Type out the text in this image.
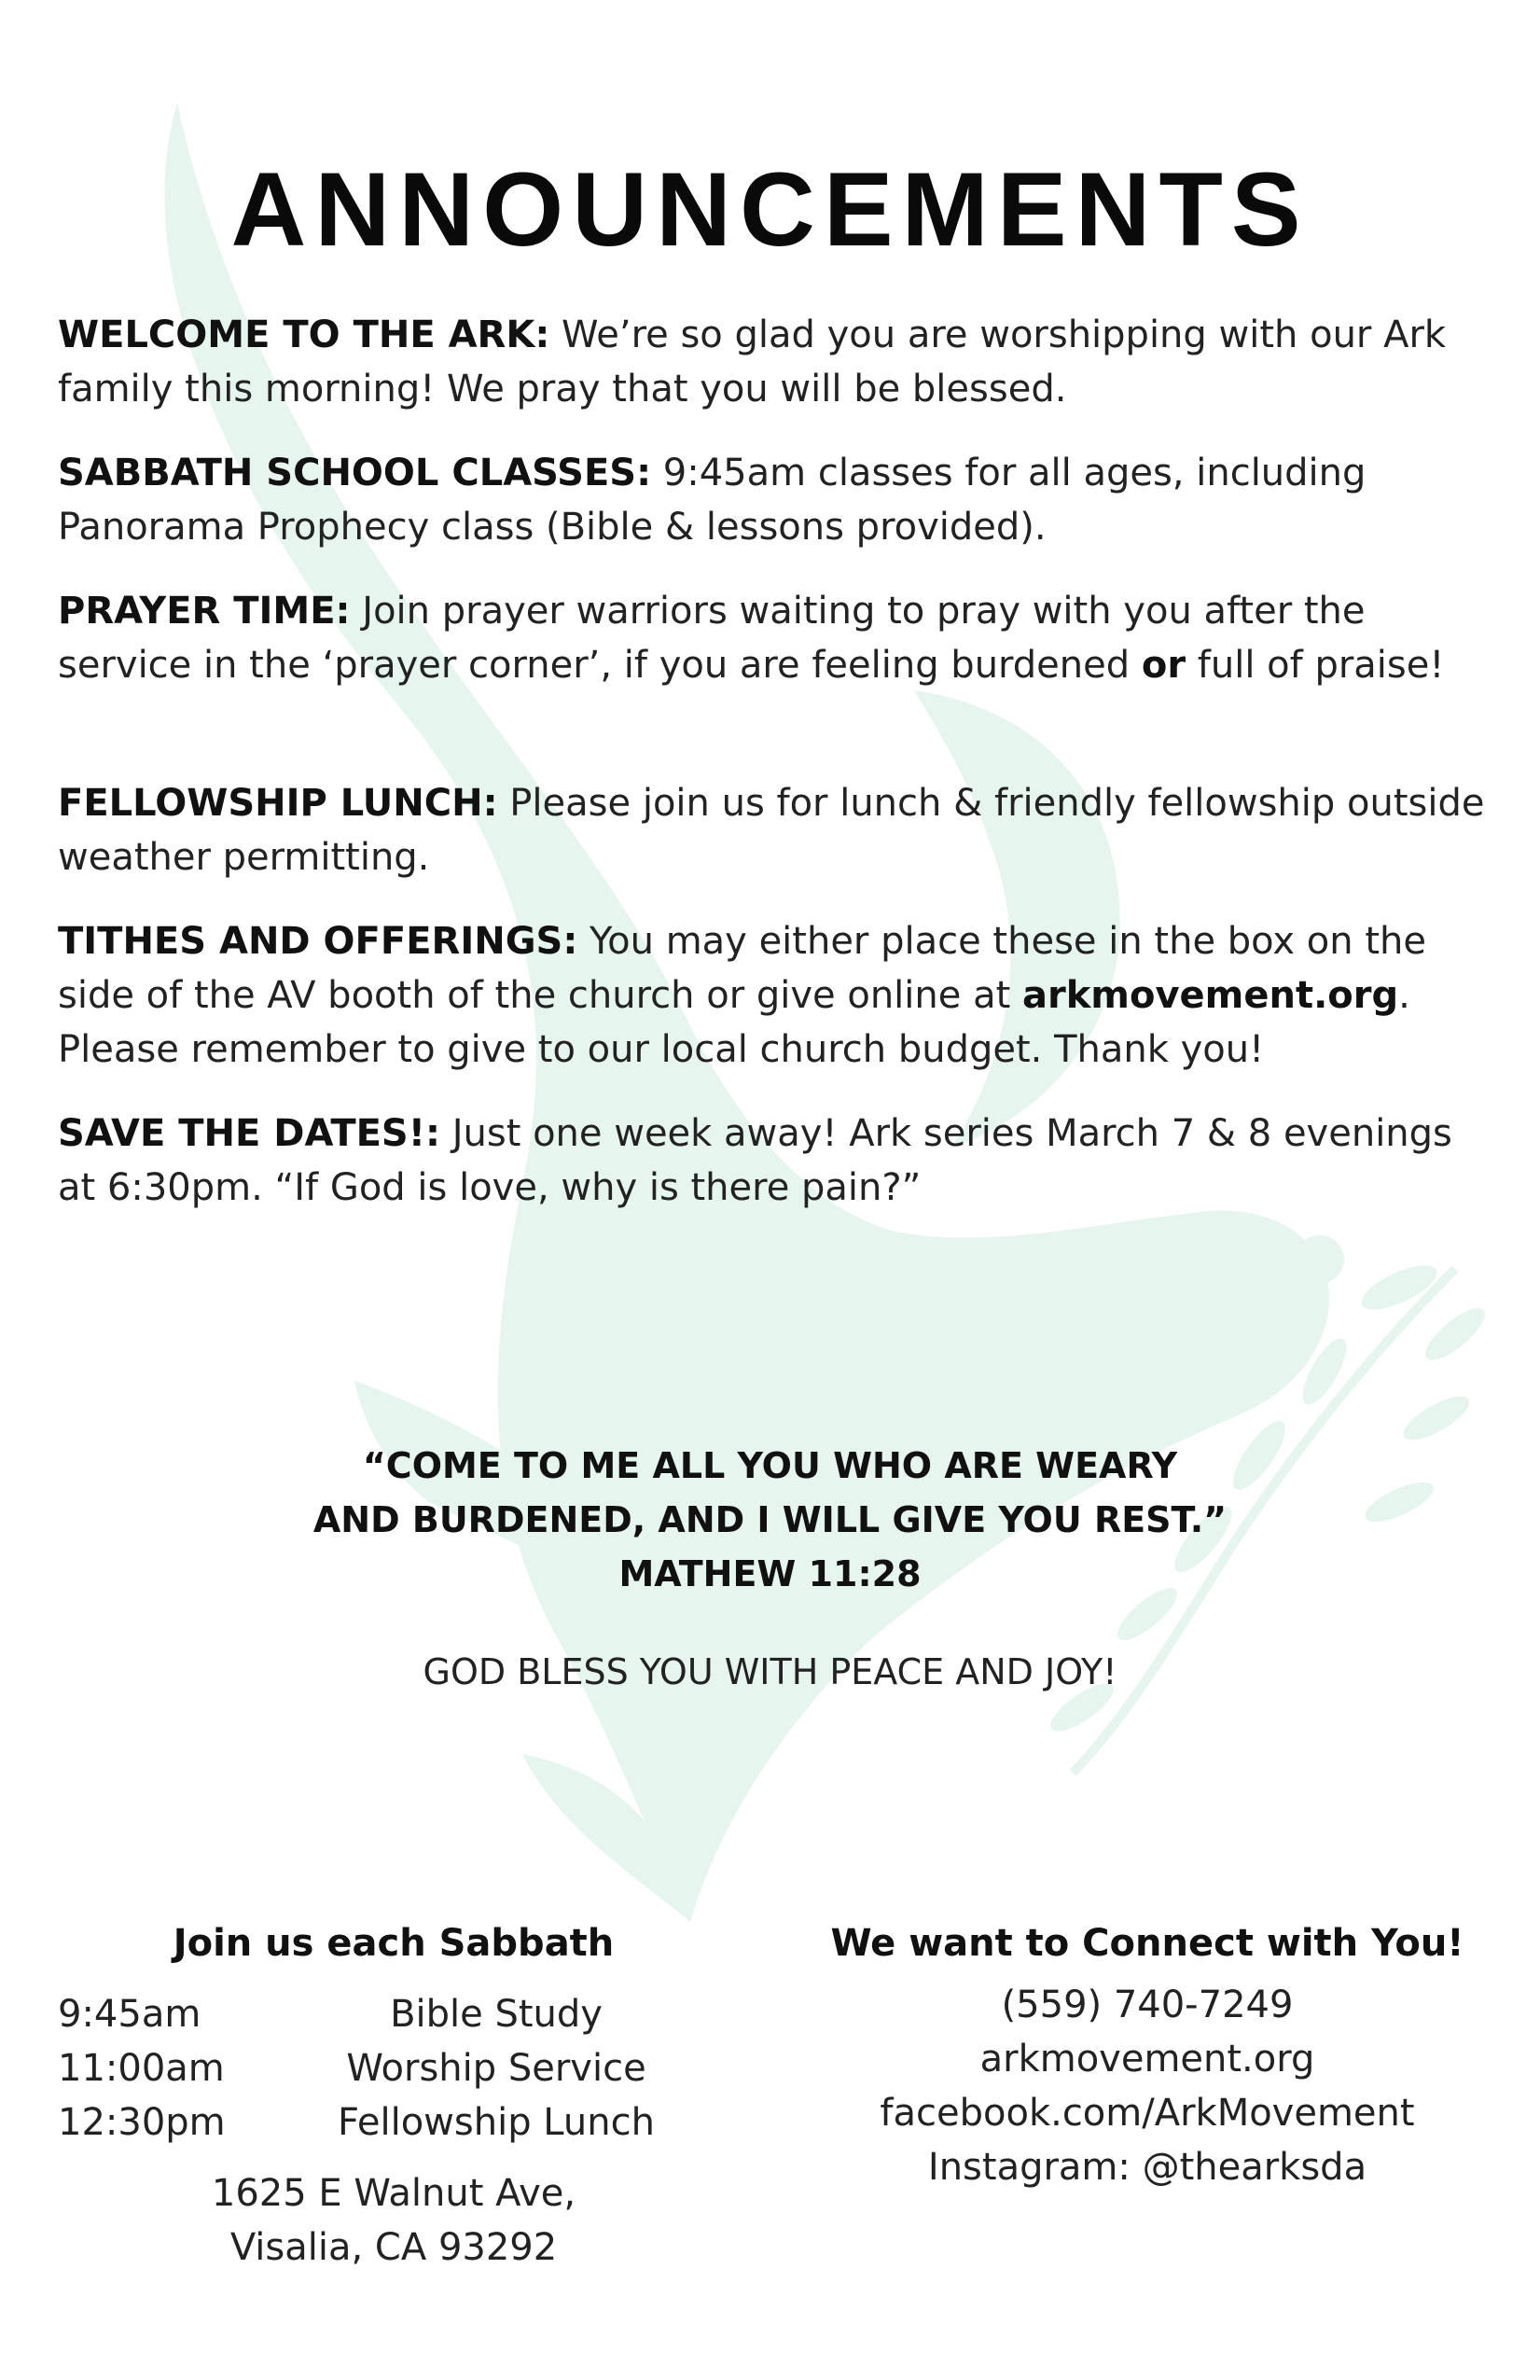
ANNOUNCEMENTS
WELCOME TO THE ARK: We’re so glad you are worshipping with our Ark family this morning! We pray that you will be blessed.
SABBATH SCHOOL CLASSES: 9:45am classes for all ages, including Panorama Prophecy class (Bible & lessons provided).
PRAYER TIME: Join prayer warriors waiting to pray with you after the service in the ‘prayer corner’, if you are feeling burdened or full of praise!
FELLOWSHIP LUNCH: Please join us for lunch & friendly fellowship outside weather permitting.
TITHES AND OFFERINGS: You may either place these in the box on the side of the AV booth of the church or give online at arkmovement.org. Please remember to give to our local church budget. Thank you!
SAVE THE DATES!: Just one week away! Ark series March 7 & 8 evenings at 6:30pm. “If God is love, why is there pain?”
“COME TO ME ALL YOU WHO ARE WEARY
AND BURDENED, AND I WILL GIVE YOU REST.”
MATHEW 11:28
GOD BLESS YOU WITH PEACE AND JOY!
Join us each Sabbath
9:45am	Bible Study
11:00am	Worship Service
12:30pm	Fellowship Lunch
1625 E Walnut Ave,
Visalia, CA 93292
We want to Connect with You!
(559) 740-7249
arkmovement.org
facebook.com/ArkMovement
Instagram: @thearksda
